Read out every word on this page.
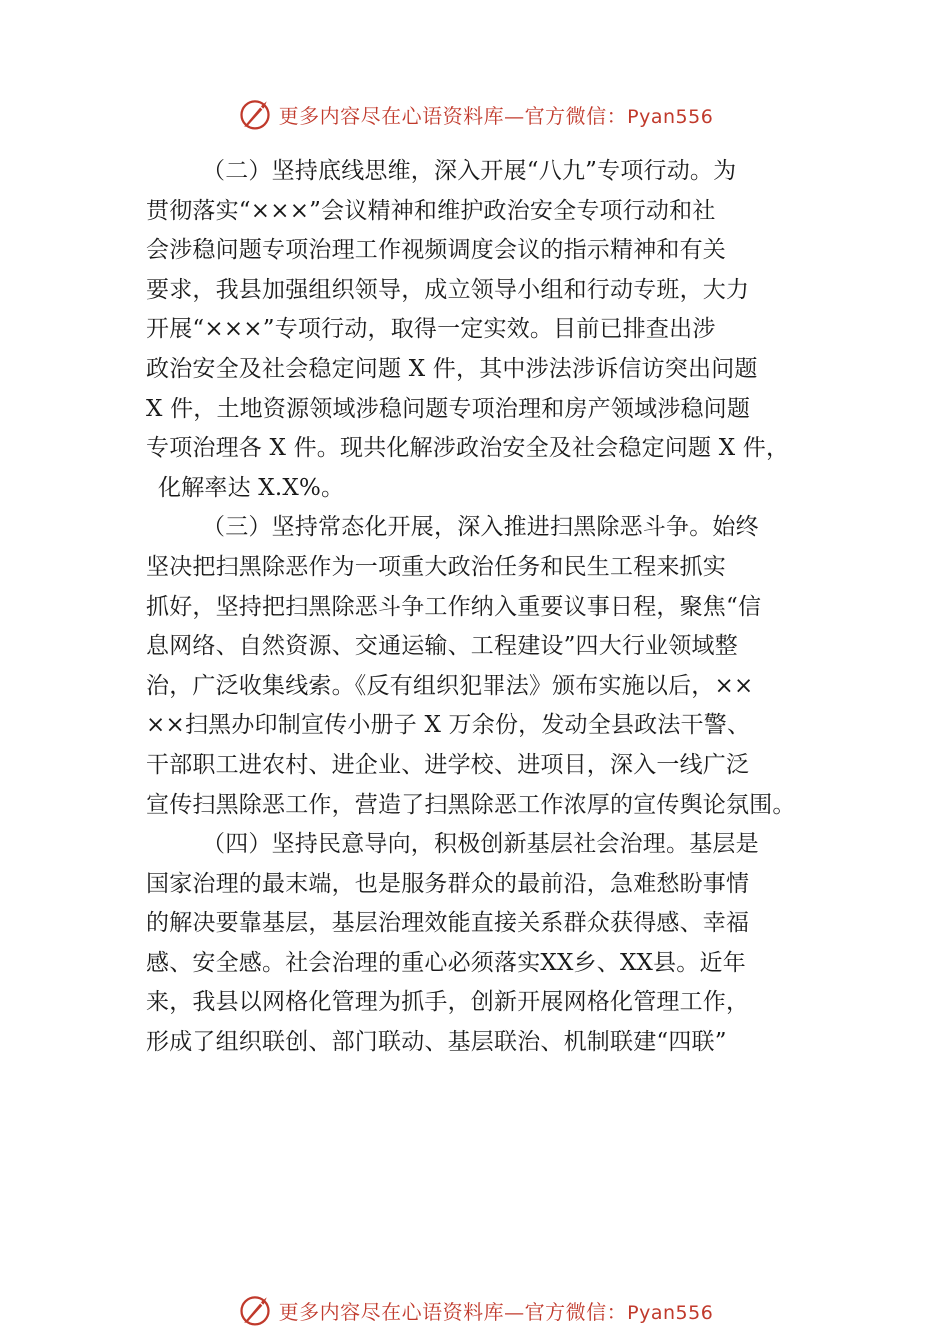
更多内容尽在心语资料库—官方微信：Pyan556
（二）坚持底线思维，深入开展“八九”专项行动。为
贯彻落实“×××”会议精神和维护政治安全专项行动和社
会涉稳问题专项治理工作视频调度会议的指示精神和有关
要求，我县加强组织领导，成立领导小组和行动专班，大力
开展“×××”专项行动，取得一定实效。目前已排查出涉
政治安全及社会稳定问题 X 件，其中涉法涉诉信访突出问题
X 件，土地资源领域涉稳问题专项治理和房产领域涉稳问题
专项治理各 X 件。现共化解涉政治安全及社会稳定问题 X 件，
化解率达 X.X%。
（三）坚持常态化开展，深入推进扫黑除恶斗争。始终
坚决把扫黑除恶作为一项重大政治任务和民生工程来抓实
抓好，坚持把扫黑除恶斗争工作纳入重要议事日程，聚焦“信
息网络、自然资源、交通运输、工程建设”四大行业领域整
治，广泛收集线索。《反有组织犯罪法》颁布实施以后，××
××扫黑办印制宣传小册子 X 万余份，发动全县政法干警、
干部职工进农村、进企业、进学校、进项目，深入一线广泛
宣传扫黑除恶工作，营造了扫黑除恶工作浓厚的宣传舆论氛围。
（四）坚持民意导向，积极创新基层社会治理。基层是
国家治理的最末端，也是服务群众的最前沿，急难愁盼事情
的解决要靠基层，基层治理效能直接关系群众获得感、幸福
感、安全感。社会治理的重心必须落实XX乡、XX县。近年
来，我县以网格化管理为抓手，创新开展网格化管理工作，
形成了组织联创、部门联动、基层联治、机制联建“四联”
更多内容尽在心语资料库—官方微信：Pyan556
